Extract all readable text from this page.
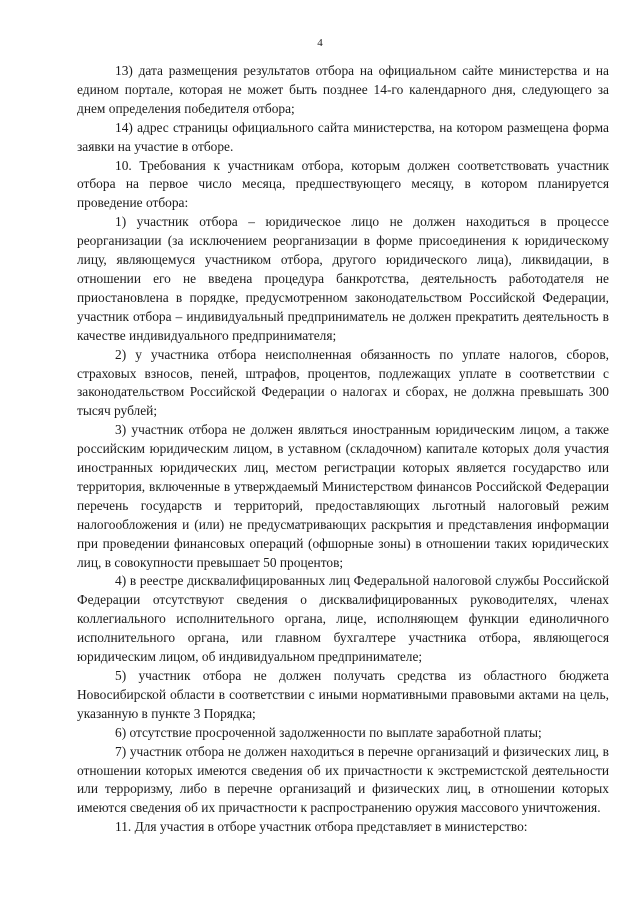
4

13) дата размещения результатов отбора на официальном сайте министерства и на едином портале, которая не может быть позднее 14-го календарного дня, следующего за днем определения победителя отбора;

14) адрес страницы официального сайта министерства, на котором размещена форма заявки на участие в отборе.

10. Требования к участникам отбора, которым должен соответствовать участник отбора на первое число месяца, предшествующего месяцу, в котором планируется проведение отбора:

1) участник отбора – юридическое лицо не должен находиться в процессе реорганизации (за исключением реорганизации в форме присоединения к юридическому лицу, являющемуся участником отбора, другого юридического лица), ликвидации, в отношении его не введена процедура банкротства, деятельность работодателя не приостановлена в порядке, предусмотренном законодательством Российской Федерации, участник отбора – индивидуальный предприниматель не должен прекратить деятельность в качестве индивидуального предпринимателя;

2) у участника отбора неисполненная обязанность по уплате налогов, сборов, страховых взносов, пеней, штрафов, процентов, подлежащих уплате в соответствии с законодательством Российской Федерации о налогах и сборах, не должна превышать 300 тысяч рублей;

3) участник отбора не должен являться иностранным юридическим лицом, а также российским юридическим лицом, в уставном (складочном) капитале которых доля участия иностранных юридических лиц, местом регистрации которых является государство или территория, включенные в утверждаемый Министерством финансов Российской Федерации перечень государств и территорий, предоставляющих льготный налоговый режим налогообложения и (или) не предусматривающих раскрытия и представления информации при проведении финансовых операций (офшорные зоны) в отношении таких юридических лиц, в совокупности превышает 50 процентов;

4) в реестре дисквалифицированных лиц Федеральной налоговой службы Российской Федерации отсутствуют сведения о дисквалифицированных руководителях, членах коллегиального исполнительного органа, лице, исполняющем функции единоличного исполнительного органа, или главном бухгалтере участника отбора, являющегося юридическим лицом, об индивидуальном предпринимателе;

5) участник отбора не должен получать средства из областного бюджета Новосибирской области в соответствии с иными нормативными правовыми актами на цель, указанную в пункте 3 Порядка;

6) отсутствие просроченной задолженности по выплате заработной платы;

7) участник отбора не должен находиться в перечне организаций и физических лиц, в отношении которых имеются сведения об их причастности к экстремистской деятельности или терроризму, либо в перечне организаций и физических лиц, в отношении которых имеются сведения об их причастности к распространению оружия массового уничтожения.

11. Для участия в отборе участник отбора представляет в министерство:
